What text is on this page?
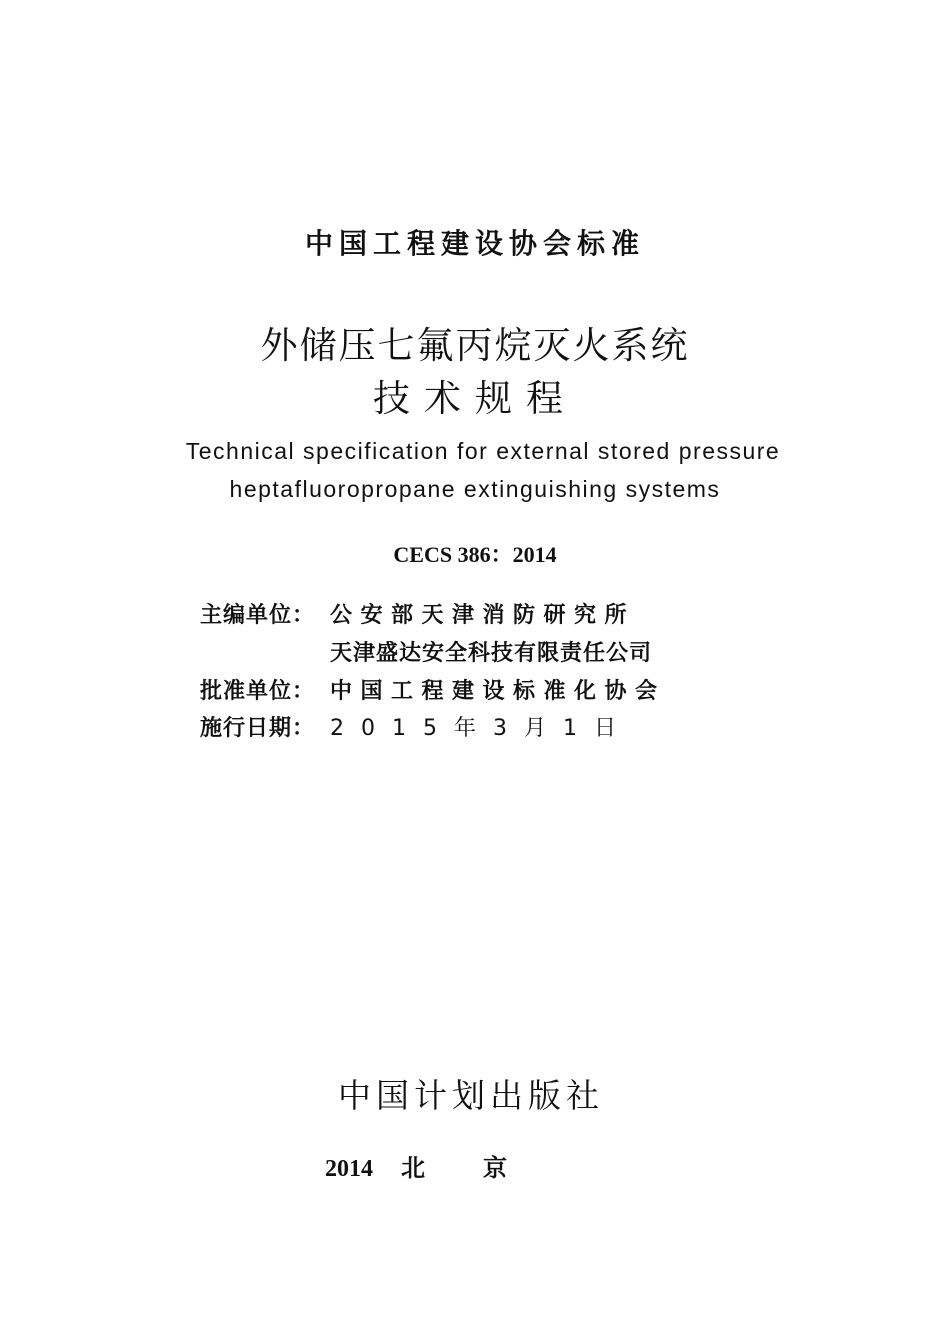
中国工程建设协会标准
外储压七氟丙烷灭火系统
技术规程
Technical specification for external stored pressure
heptafluoropropane extinguishing systems
CECS 386：2014
主编单位： 公安部天津消防研究所
天津盛达安全科技有限责任公司
批准单位： 中国工程建设标准化协会
施行日期： 2015年3月1日
中国计划出版社
2014 北京
